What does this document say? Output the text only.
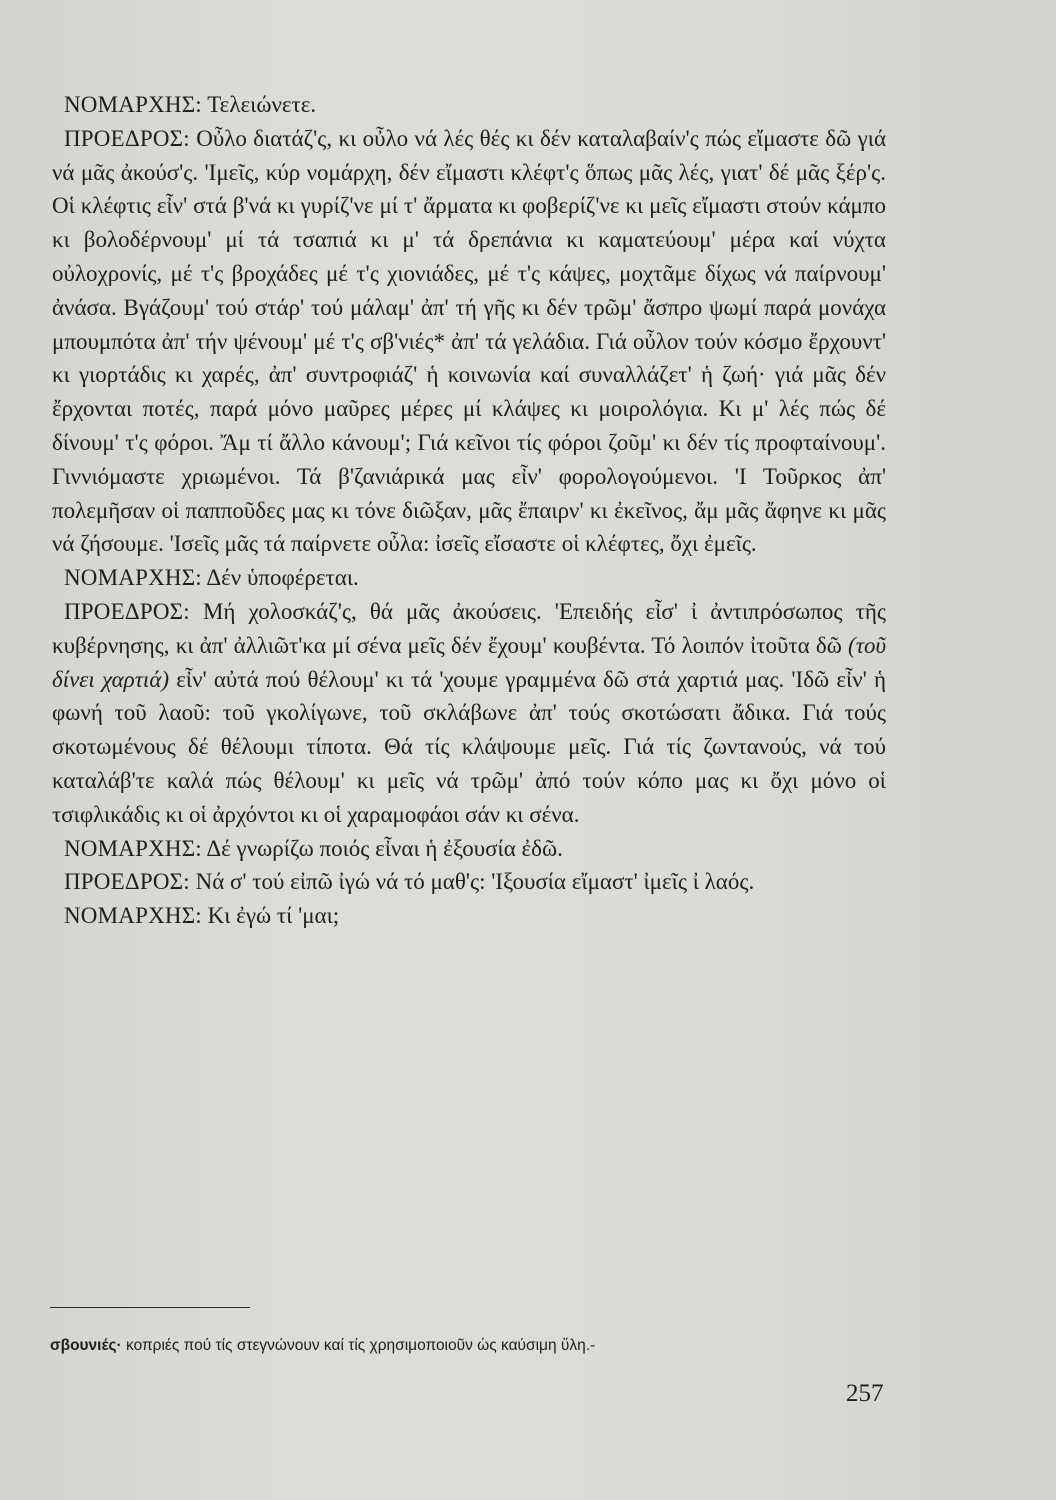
ΝΟΜΑΡΧΗΣ: Τελειώνετε.

ΠΡΟΕΔΡΟΣ: Οὖλο διατάζ'ς, κι οὖλο νά λές θές κι δέν καταλαβαίν'ς πώς εἴμαστε δῶ γιά νά μᾶς ἀκούσ'ς. 'Ιμεῖς, κύρ νομάρχη, δέν εἴμαστι κλέφτ'ς ὅπως μᾶς λές, γιατ' δέ μᾶς ξέρ'ς. Οἱ κλέφτις εἶν' στά β'νά κι γυρίζ'νε μί τ' ἄρματα κι φοβερίζ'νε κι μεῖς εἴμαστι στούν κάμπο κι βολοδέρνουμ' μί τά τσαπιά κι μ' τά δρεπάνια κι καματεύουμ' μέρα καί νύχτα οὐλοχρονίς, μέ τ'ς βροχάδες μέ τ'ς χιονιάδες, μέ τ'ς κάψες, μοχτᾶμε δίχως νά παίρνουμ' ἀνάσα. Βγάζουμ' τού στάρ' τού μάλαμ' ἀπ' τή γῆς κι δέν τρῶμ' ἄσπρο ψωμί παρά μονάχα μπουμπότα ἀπ' τήν ψένουμ' μέ τ'ς σβ'νιές* ἀπ' τά γελάδια. Γιά οὖλον τούν κόσμο ἔρχουντ' κι γιορτάδις κι χαρές, ἀπ' συντροφιάζ' ἡ κοινωνία καί συναλλάζετ' ἡ ζωή· γιά μᾶς δέν ἔρχονται ποτές, παρά μόνο μαῦρες μέρες μί κλάψες κι μοιρολόγια. Κι μ' λές πώς δέ δίνουμ' τ'ς φόροι. Ἄμ τί ἄλλο κάνουμ'; Γιά κεῖνοι τίς φόροι ζοῦμ' κι δέν τίς προφταίνουμ'. Γιννιόμαστε χριωμένοι. Τά β'ζανιάρικά μας εἶν' φορολογούμενοι. 'Ι Τοῦρκος ἀπ' πολεμῆσαν οἱ παπποῦδες μας κι τόνε διῶξαν, μᾶς ἔπαιρν' κι ἐκεῖνος, ἄμ μᾶς ἄφηνε κι μᾶς νά ζήσουμε. 'Ισεῖς μᾶς τά παίρνετε οὖλα: ἰσεῖς εἴσαστε οἱ κλέφτες, ὄχι ἐμεῖς.

ΝΟΜΑΡΧΗΣ: Δέν ὑποφέρεται.

ΠΡΟΕΔΡΟΣ: Μή χολοσκάζ'ς, θά μᾶς ἀκούσεις. 'Επειδής εἶσ' ἰ ἀντιπρόσωπος τῆς κυβέρνησης, κι ἀπ' ἀλλιῶτ'κα μί σένα μεῖς δέν ἔχουμ' κουβέντα. Τό λοιπόν ἰτοῦτα δῶ (τοῦ δίνει χαρτιά) εἶν' αὐτά πού θέλουμ' κι τά 'χουμε γραμμένα δῶ στά χαρτιά μας. 'Ιδῶ εἶν' ἡ φωνή τοῦ λαοῦ: τοῦ γκολίγωνε, τοῦ σκλάβωνε ἀπ' τούς σκοτώσατι ἄδικα. Γιά τούς σκοτωμένους δέ θέλουμι τίποτα. Θά τίς κλάψουμε μεῖς. Γιά τίς ζωντανούς, νά τού καταλάβ'τε καλά πώς θέλουμ' κι μεῖς νά τρῶμ' ἀπό τούν κόπο μας κι ὄχι μόνο οἱ τσιφλικάδις κι οἱ ἀρχόντοι κι οἱ χαραμοφάοι σάν κι σένα.

ΝΟΜΑΡΧΗΣ: Δέ γνωρίζω ποιός εἶναι ἡ ἐξουσία ἐδῶ.

ΠΡΟΕΔΡΟΣ: Νά σ' τού εἰπῶ ἰγώ νά τό μαθ'ς: 'Ιξουσία εἴμαστ' ἰμεῖς ἰ λαός.

ΝΟΜΑΡΧΗΣ: Κι ἐγώ τί 'μαι;

σβουνιές· κοπριές πού τίς στεγνώνουν καί τίς χρησιμοποιοῦν ὡς καύσιμη ὕλη.-
257
